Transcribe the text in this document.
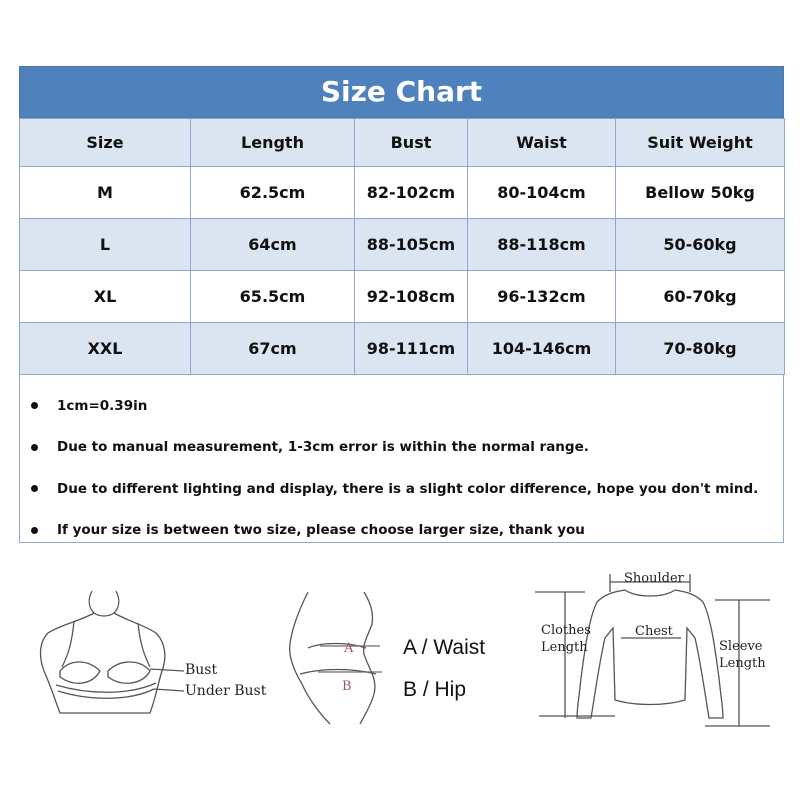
Size Chart
Size	Length	Bust	Waist	Suit Weight
M	62.5cm	82-102cm	80-104cm	Bellow 50kg
L	64cm	88-105cm	88-118cm	50-60kg
XL	65.5cm	92-108cm	96-132cm	60-70kg
XXL	67cm	98-111cm	104-146cm	70-80kg
1cm=0.39in
Due to manual measurement, 1-3cm error is within the normal range.
Due to different lighting and display, there is a slight color difference, hope you don't mind.
If your size is between two size, please choose larger size, thank you
Bust
Under Bust
A
B
A / Waist
B / Hip
Shoulder
Chest
Clothes
Length	Sleeve
Length
